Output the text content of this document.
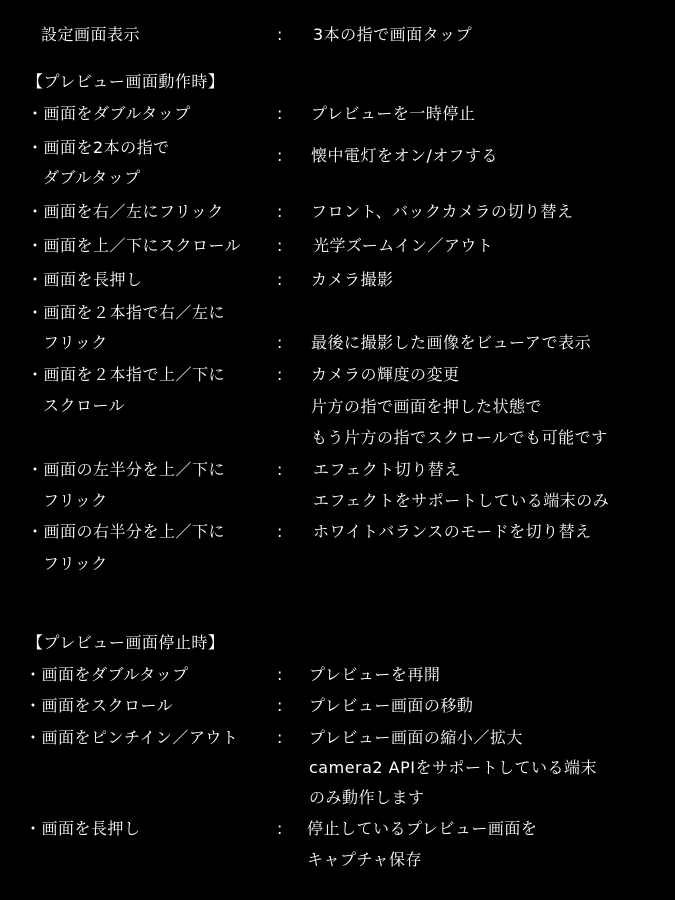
設定画面表示	: 3本の指で画面タップ
【プレビュー画面動作時】
・画面をダブルタップ	: プレビューを一時停止
・画面を2本の指で
ダブルタップ
: 懐中電灯をオン/オフする
・画面を右／左にフリック	: フロント、バックカメラの切り替え
・画面を上／下にスクロール : 光学ズームイン／アウト
・画面を長押し	: カメラ撮影
・画面を２本指で右／左に
フリック	: 最後に撮影した画像をビューアで表示
・画面を２本指で上／下に
スクロール
: カメラの輝度の変更
片方の指で画面を押した状態で
もう片方の指でスクロールでも可能です
・画面の左半分を上／下に
フリック
: エフェクト切り替え
エフェクトをサポートしている端末のみ
・画面の右半分を上／下に
フリック
: ホワイトバランスのモードを切り替え
【プレビュー画面停止時】
・画面をダブルタップ	: プレビューを再開
・画面をスクロール	: プレビュー画面の移動
・画面をピンチイン／アウト : プレビュー画面の縮小／拡大
camera2 APIをサポートしている端末
のみ動作します
・画面を長押し	: 停止しているプレビュー画面を
キャプチャ保存
